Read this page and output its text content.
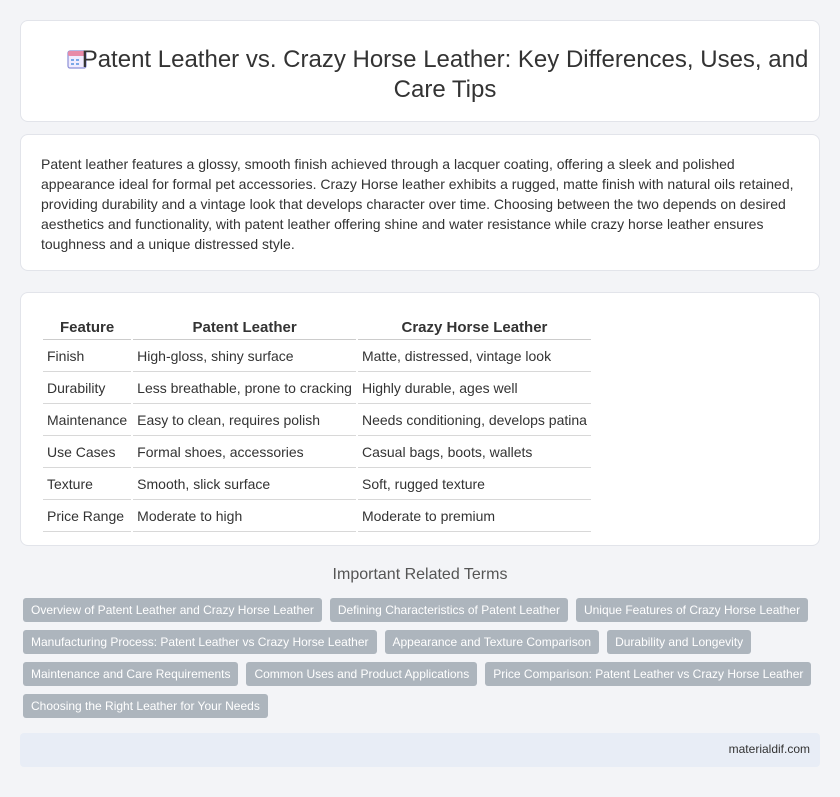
Patent Leather vs. Crazy Horse Leather: Key Differences, Uses, and Care Tips

Patent leather features a glossy, smooth finish achieved through a lacquer coating, offering a sleek and polished appearance ideal for formal pet accessories. Crazy Horse leather exhibits a rugged, matte finish with natural oils retained, providing durability and a vintage look that develops character over time. Choosing between the two depends on desired aesthetics and functionality, with patent leather offering shine and water resistance while crazy horse leather ensures toughness and a unique distressed style.

Feature	Patent Leather	Crazy Horse Leather
Finish	High-gloss, shiny surface	Matte, distressed, vintage look
Durability	Less breathable, prone to cracking	Highly durable, ages well
Maintenance	Easy to clean, requires polish	Needs conditioning, develops patina
Use Cases	Formal shoes, accessories	Casual bags, boots, wallets
Texture	Smooth, slick surface	Soft, rugged texture
Price Range	Moderate to high	Moderate to premium
Important Related Terms
Overview of Patent Leather and Crazy Horse Leather	Defining Characteristics of Patent Leather	Unique Features of Crazy Horse Leather
Manufacturing Process: Patent Leather vs Crazy Horse Leather	Appearance and Texture Comparison	Durability and Longevity
Maintenance and Care Requirements	Common Uses and Product Applications	Price Comparison: Patent Leather vs Crazy Horse Leather
Choosing the Right Leather for Your Needs
materialdif.com
